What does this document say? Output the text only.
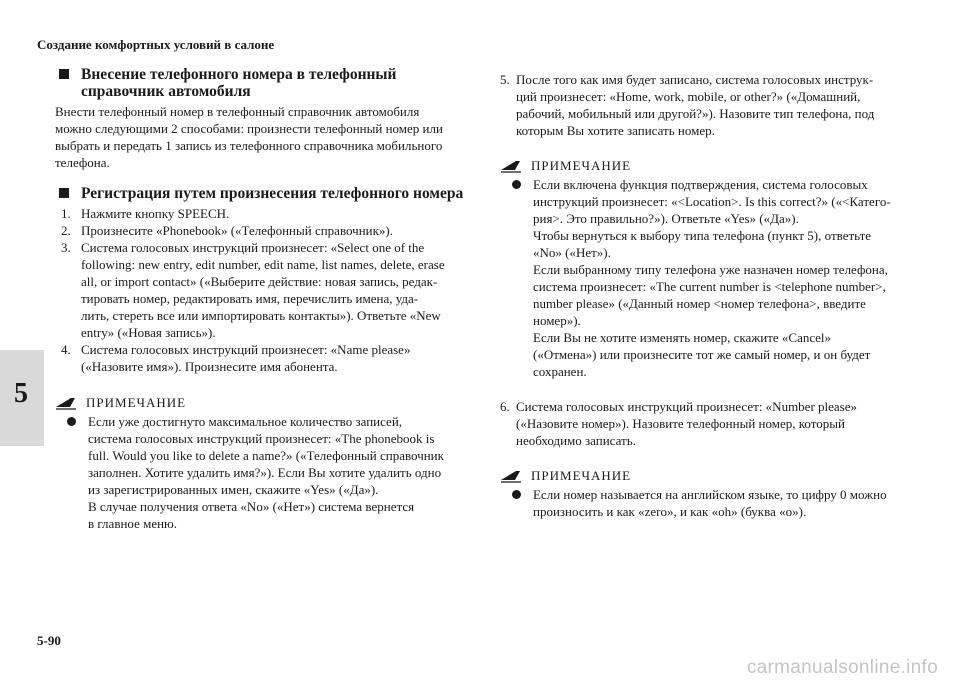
Создание комфортных условий в салоне
5
Внесение телефонного номера в телефонный
справочник автомобиля

Внести телефонный номер в телефонный справочник автомобиля
можно следующими 2 способами: произнести телефонный номер или
выбрать и передать 1 запись из телефонного справочника мобильного
телефона.

Регистрация путем произнесения телефонного номера
1. Нажмите кнопку SPEECH.
2. Произнесите «Phonebook» («Телефонный справочник»).
3. Система голосовых инструкций произнесет: «Select one of the
following: new entry, edit number, edit name, list names, delete, erase
all, or import contact» («Выберите действие: новая запись, редак-
тировать номер, редактировать имя, перечислить имена, уда-
лить, стереть все или импортировать контакты»). Ответьте «New
entry» («Новая запись»).
4. Система голосовых инструкций произнесет: «Name please»
(«Назовите имя»). Произнесите имя абонента.
ПРИМЕЧАНИЕ
Если уже достигнуто максимальное количество записей,
система голосовых инструкций произнесет: «The phonebook is
full. Would you like to delete a name?» («Телефонный справочник
заполнен. Хотите удалить имя?»). Если Вы хотите удалить одно
из зарегистрированных имен, скажите «Yes» («Да»).
В случае получения ответа «No» («Нет») система вернется
в главное меню.
5. После того как имя будет записано, система голосовых инструк-
ций произнесет: «Home, work, mobile, or other?» («Домашний,
рабочий, мобильный или другой?»). Назовите тип телефона, под
которым Вы хотите записать номер.
ПРИМЕЧАНИЕ
Если включена функция подтверждения, система голосовых
инструкций произнесет: «<Location>. Is this correct?» («<Катего-
рия>. Это правильно?»). Ответьте «Yes» («Да»).
Чтобы вернуться к выбору типа телефона (пункт 5), ответьте
«No» («Нет»).
Если выбранному типу телефона уже назначен номер телефона,
система произнесет: «The current number is <telephone number>,
number please» («Данный номер <номер телефона>, введите
номер»).
Если Вы не хотите изменять номер, скажите «Cancel»
(«Отмена») или произнесите тот же самый номер, и он будет
сохранен.
6. Система голосовых инструкций произнесет: «Number please»
(«Назовите номер»). Назовите телефонный номер, который
необходимо записать.
ПРИМЕЧАНИЕ
Если номер называется на английском языке, то цифру 0 можно
произносить и как «zero», и как «oh» (буква «o»).
5-90
carmanualsonline.info
